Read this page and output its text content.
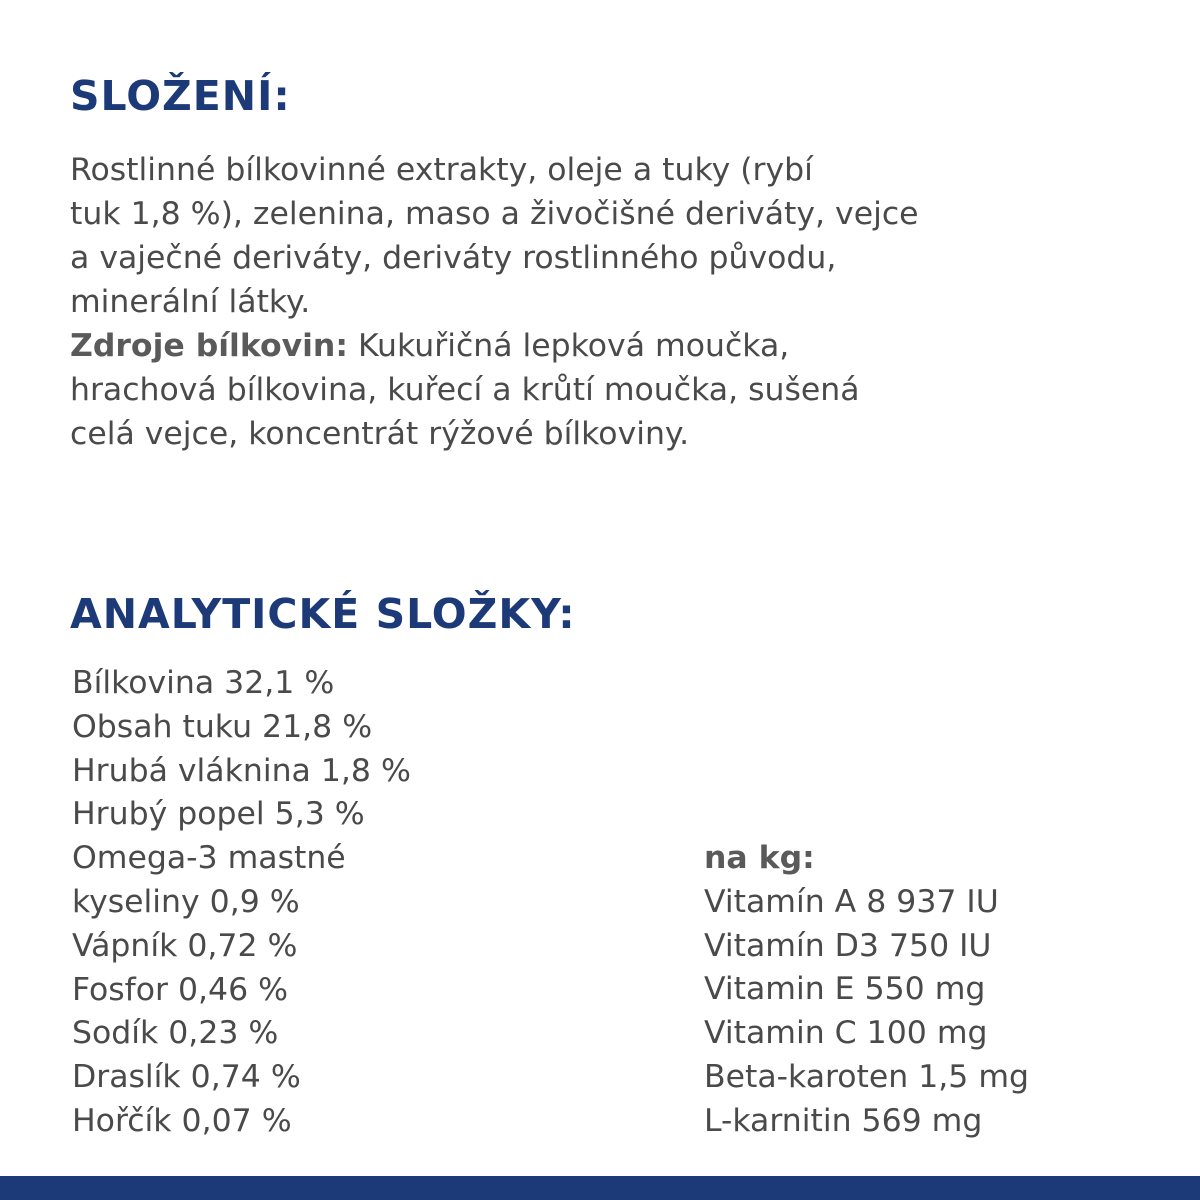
SLOŽENÍ:

Rostlinné bílkovinné extrakty, oleje a tuky (rybí

tuk 1,8 %), zelenina, maso a živočišné deriváty, vejce

a vaječné deriváty, deriváty rostlinného původu,

minerální látky.

Zdroje bílkovin: Kukuřičná lepková moučka,

hrachová bílkovina, kuřecí a krůtí moučka, sušená

celá vejce, koncentrát rýžové bílkoviny.

ANALYTICKÉ SLOŽKY:
Bílkovina 32,1 %
Obsah tuku 21,8 %
Hrubá vláknina 1,8 %
Hrubý popel 5,3 %
Omega-3 mastné
kyseliny 0,9 %
Vápník 0,72 %
Fosfor 0,46 %
Sodík 0,23 %
Draslík 0,74 %
Hořčík 0,07 %

na kg:

Vitamín A 8 937 IU
Vitamín D3 750 IU
Vitamin E 550 mg
Vitamin C 100 mg
Beta-karoten 1,5 mg
L-karnitin 569 mg
